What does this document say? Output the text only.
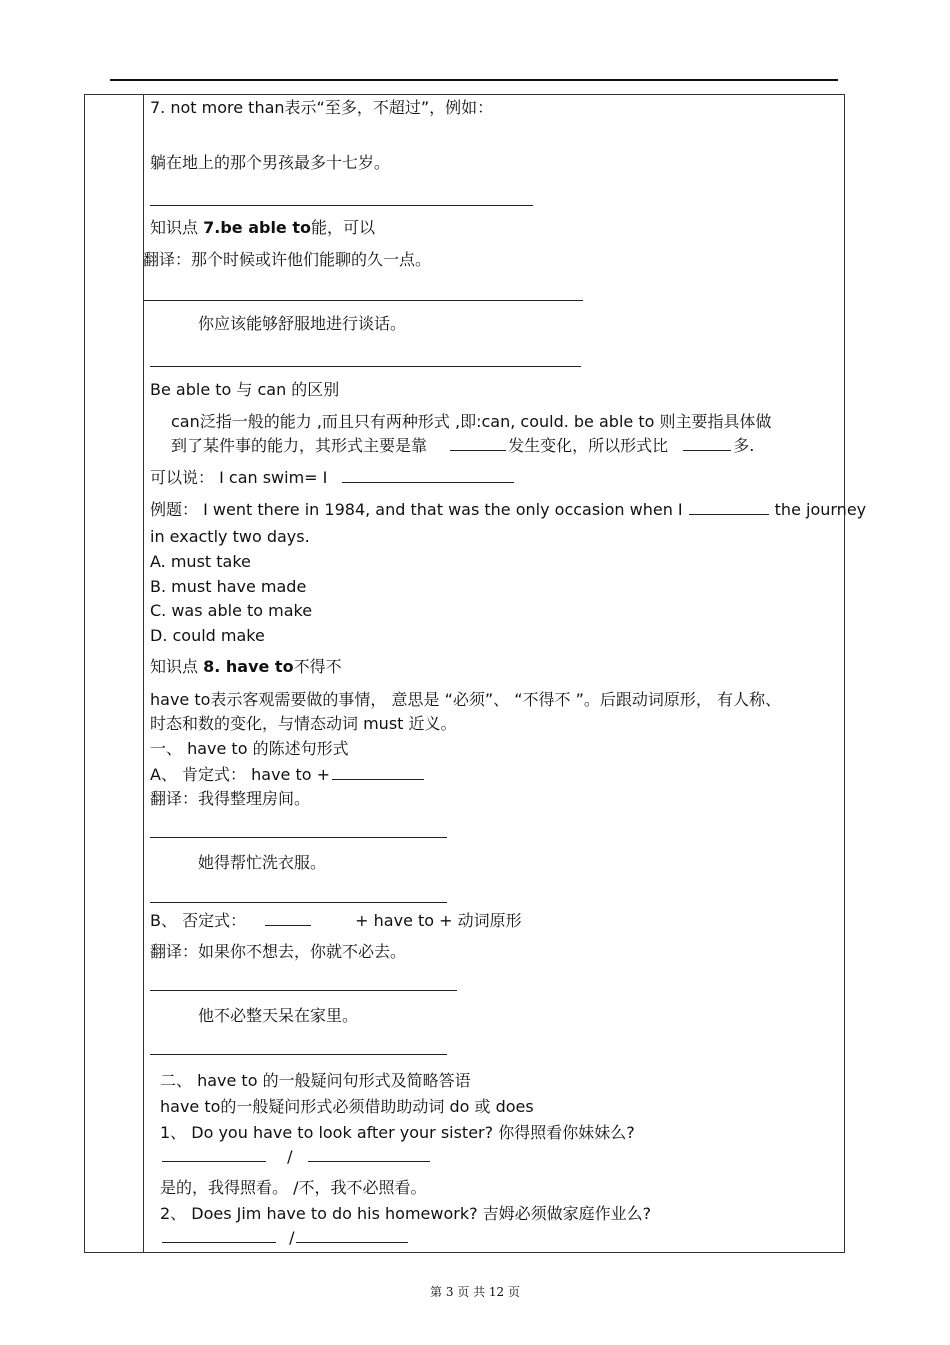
7. not more than表示“至多，不超过”，例如：
躺在地上的那个男孩最多十七岁。
知识点 7.be able to能，可以
翻译：那个时候或许他们能聊的久一点。
你应该能够舒服地进行谈话。
Be able to 与 can 的区别
can泛指一般的能力 ,而且只有两种形式 ,即:can, could. be able to 则主要指具体做
到了某件事的能力，其形式主要是靠	发生变化，所以形式比	多.
可以说： I can swim= I
例题： I went there in 1984, and that was the only occasion when I	the journey
in exactly two days.
A. must take
B. must have made
C. was able to make
D. could make
知识点 8. have to不得不
have to表示客观需要做的事情， 意思是 “必须”、 “不得不 ”。后跟动词原形， 有人称、
时态和数的变化，与情态动词 must 近义。
一、 have to 的陈述句形式
A、 肯定式： have to +
翻译：我得整理房间。
她得帮忙洗衣服。
B、 否定式：	+ have to + 动词原形
翻译：如果你不想去，你就不必去。
他不必整天呆在家里。
二、 have to 的一般疑问句形式及简略答语
have to的一般疑问形式必须借助助动词 do 或 does
1、 Do you have to look after your sister? 你得照看你妹妹么?
/
是的，我得照看。 /不，我不必照看。
2、 Does Jim have to do his homework? 吉姆必须做家庭作业么?
/
第 3 页 共 12 页
